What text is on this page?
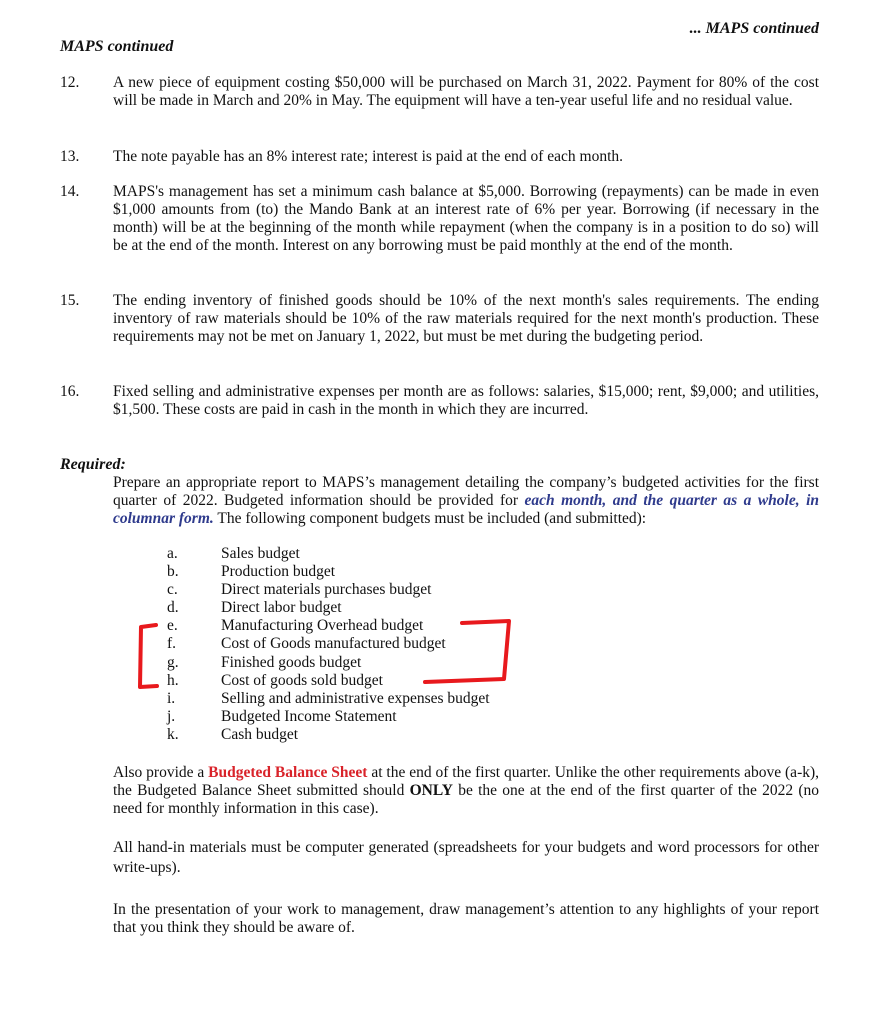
... MAPS continued
MAPS continued
12.	A new piece of equipment costing $50,000 will be purchased on March 31, 2022. Payment for 80% of the cost will be made in March and 20% in May. The equipment will have a ten-year useful life and no residual value.
13.	The note payable has an 8% interest rate; interest is paid at the end of each month.
14.	MAPS's management has set a minimum cash balance at $5,000. Borrowing (repayments) can be made in even $1,000 amounts from (to) the Mando Bank at an interest rate of 6% per year. Borrowing (if necessary in the month) will be at the beginning of the month while repayment (when the company is in a position to do so) will be at the end of the month. Interest on any borrowing must be paid monthly at the end of the month.
15.	The ending inventory of finished goods should be 10% of the next month's sales requirements. The ending inventory of raw materials should be 10% of the raw materials required for the next month's production. These requirements may not be met on January 1, 2022, but must be met during the budgeting period.
16.	Fixed selling and administrative expenses per month are as follows: salaries, $15,000; rent, $9,000; and utilities, $1,500. These costs are paid in cash in the month in which they are incurred.
Required:
Prepare an appropriate report to MAPS’s management detailing the company’s budgeted activities for the first quarter of 2022. Budgeted information should be provided for each month, and the quarter as a whole, in columnar form. The following component budgets must be included (and submitted):
a.	Sales budget
b.	Production budget
c.	Direct materials purchases budget
d.	Direct labor budget
e.	Manufacturing Overhead budget
f.	Cost of Goods manufactured budget
g.	Finished goods budget
h.	Cost of goods sold budget
i.	Selling and administrative expenses budget
j.	Budgeted Income Statement
k.	Cash budget
Also provide a Budgeted Balance Sheet at the end of the first quarter. Unlike the other requirements above (a-k), the Budgeted Balance Sheet submitted should ONLY be the one at the end of the first quarter of the 2022 (no need for monthly information in this case).
All hand-in materials must be computer generated (spreadsheets for your budgets and word processors for other write-ups).
In the presentation of your work to management, draw management’s attention to any highlights of your report that you think they should be aware of.
